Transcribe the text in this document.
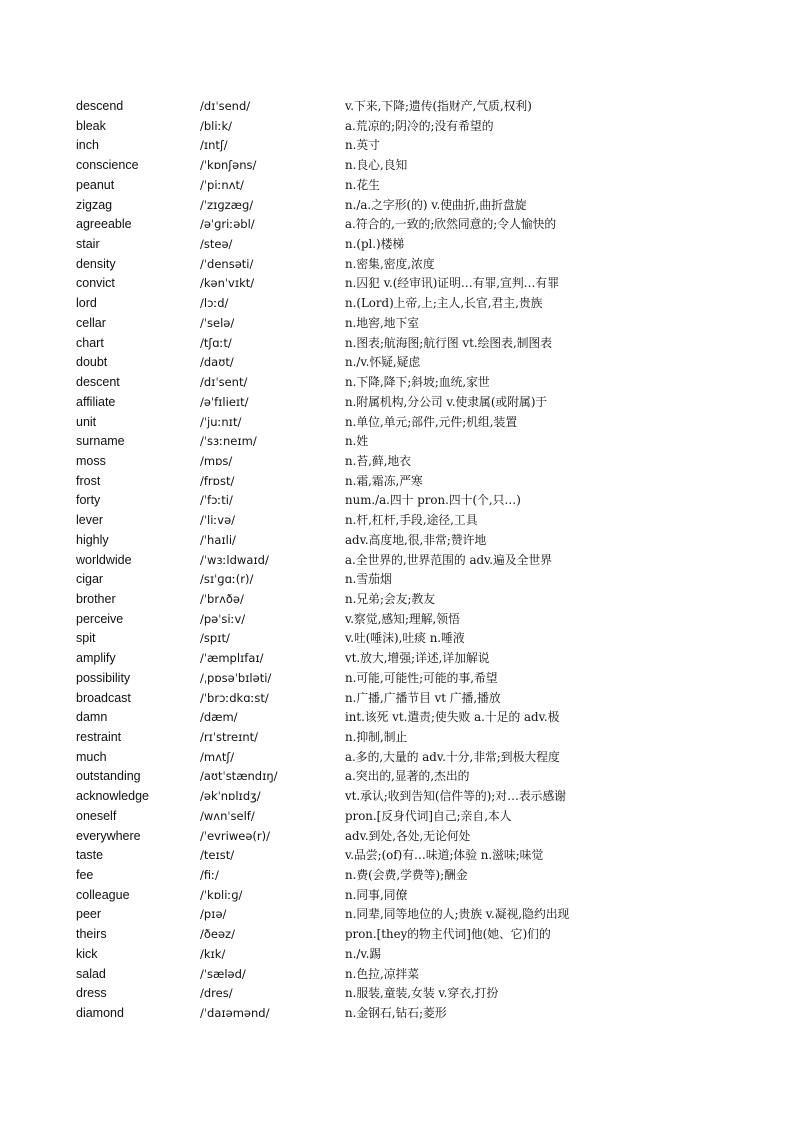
descend	/dɪˈsend/	v.下来,下降;遗传(指财产,气质,权利)
bleak	/bliːk/	a.荒凉的;阴冷的;没有希望的
inch	/ɪntʃ/	n.英寸
conscience	/ˈkɒnʃəns/	n.良心,良知
peanut	/ˈpiːnʌt/	n.花生
zigzag	/ˈzɪɡzæɡ/	n./a.之字形(的) v.使曲折,曲折盘旋
agreeable	/əˈɡriːəbl/	a.符合的,一致的;欣然同意的;令人愉快的
stair	/steə/	n.(pl.)楼梯
density	/ˈdensəti/	n.密集,密度,浓度
convict	/kənˈvɪkt/	n.囚犯 v.(经审讯)证明…有罪,宣判…有罪
lord	/lɔːd/	n.(Lord)上帝,上;主人,长官,君主,贵族
cellar	/ˈselə/	n.地窖,地下室
chart	/tʃɑːt/	n.图表;航海图;航行图 vt.绘图表,制图表
doubt	/daʊt/	n./v.怀疑,疑虑
descent	/dɪˈsent/	n.下降,降下;斜坡;血统,家世
affiliate	/əˈfɪlieɪt/	n.附属机构,分公司 v.使隶属(或附属)于
unit	/ˈjuːnɪt/	n.单位,单元;部件,元件;机组,装置
surname	/ˈsɜːneɪm/	n.姓
moss	/mɒs/	n.苔,藓,地衣
frost	/frɒst/	n.霜,霜冻,严寒
forty	/ˈfɔːti/	num./a.四十 pron.四十(个,只…)
lever	/ˈliːvə/	n.杆,杠杆,手段,途径,工具
highly	/ˈhaɪli/	adv.高度地,很,非常;赞许地
worldwide	/ˈwɜːldwaɪd/	a.全世界的,世界范围的 adv.遍及全世界
cigar	/sɪˈɡɑː(r)/	n.雪茄烟
brother	/ˈbrʌðə/	n.兄弟;会友;教友
perceive	/pəˈsiːv/	v.察觉,感知;理解,领悟
spit	/spɪt/	v.吐(唾沫),吐痰 n.唾液
amplify	/ˈæmplɪfaɪ/	vt.放大,增强;详述,详加解说
possibility	/ˌpɒsəˈbɪləti/	n.可能,可能性;可能的事,希望
broadcast	/ˈbrɔːdkɑːst/	n.广播,广播节目 vt 广播,播放
damn	/dæm/	int.该死 vt.遣责;使失败 a.十足的 adv.极
restraint	/rɪˈstreɪnt/	n.抑制,制止
much	/mʌtʃ/	a.多的,大量的 adv.十分,非常;到极大程度
outstanding	/aʊtˈstændɪŋ/	a.突出的,显著的,杰出的
acknowledge	/əkˈnɒlɪdʒ/	vt.承认;收到告知(信件等的);对…表示感谢
oneself	/wʌnˈself/	pron.[反身代词]自己;亲自,本人
everywhere	/ˈevriweə(r)/	adv.到处,各处,无论何处
taste	/teɪst/	v.品尝;(of)有…味道;体验 n.滋味;味觉
fee	/fiː/	n.费(会费,学费等);酬金
colleague	/ˈkɒliːɡ/	n.同事,同僚
peer	/pɪə/	n.同辈,同等地位的人;贵族 v.凝视,隐约出现
theirs	/ðeəz/	pron.[they的物主代词]他(她、它)们的
kick	/kɪk/	n./v.踢
salad	/ˈsæləd/	n.色拉,凉拌菜
dress	/dres/	n.服装,童装,女装 v.穿衣,打扮
diamond	/ˈdaɪəmənd/	n.金钢石,钻石;菱形
